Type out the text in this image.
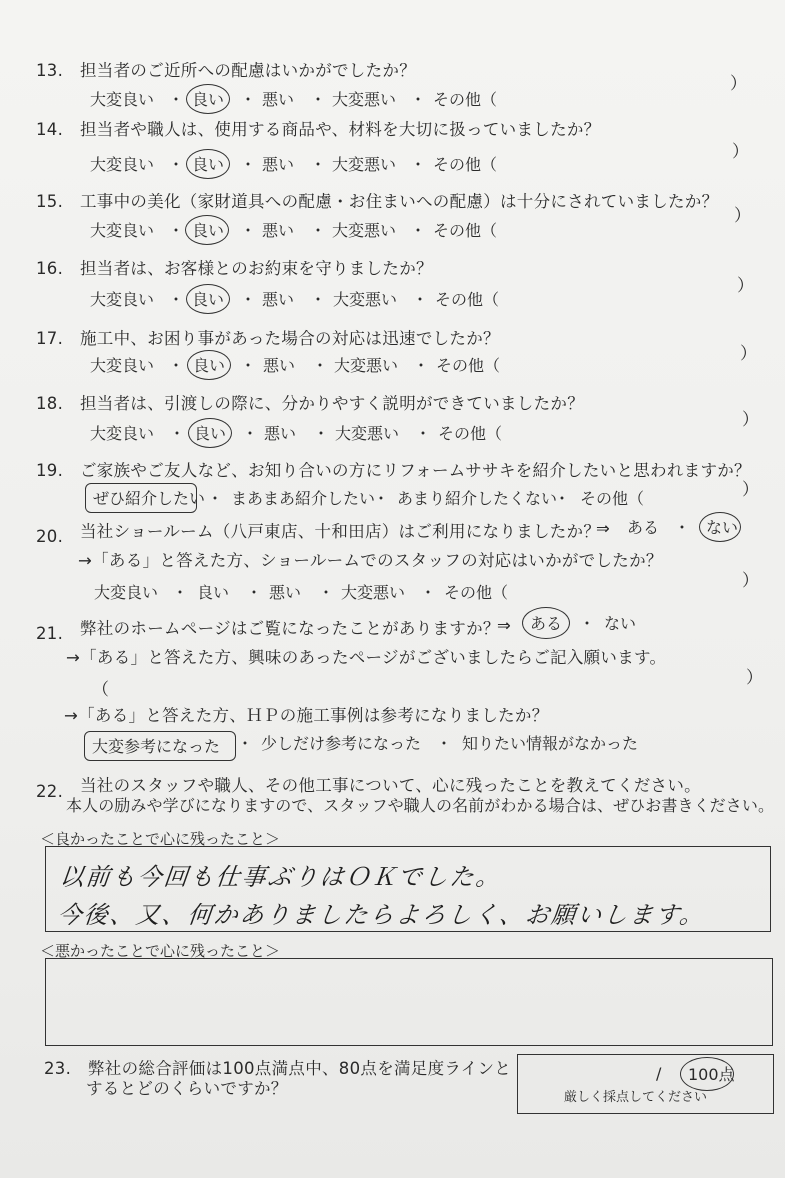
13. 担当者のご近所への配慮はいかがでしたか？
大変良い ・ 良い ・ 悪い ・ 大変悪い ・ その他（
）
14. 担当者や職人は、使用する商品や、材料を大切に扱っていましたか？
大変良い ・ 良い ・ 悪い ・ 大変悪い ・ その他（
）
15. 工事中の美化（家財道具への配慮・お住まいへの配慮）は十分にされていましたか？
大変良い ・ 良い ・ 悪い ・ 大変悪い ・ その他（
）
16. 担当者は、お客様とのお約束を守りましたか？
大変良い ・ 良い ・ 悪い ・ 大変悪い ・ その他（
）
17. 施工中、お困り事があった場合の対応は迅速でしたか？
大変良い ・ 良い ・ 悪い ・ 大変悪い ・ その他（
）
18. 担当者は、引渡しの際に、分かりやすく説明ができていましたか？
大変良い ・ 良い ・ 悪い ・ 大変悪い ・ その他（
）
19. ご家族やご友人など、お知り合いの方にリフォームササキを紹介したいと思われますか？
ぜひ紹介したい ・ まあまあ紹介したい
・ あまり紹介したくない
・ その他（	）
20. 当社ショールーム（八戸東店、十和田店）はご利用になりましたか？
⇒ ある ・ ない
→「ある」と答えた方、ショールームでのスタッフの対応はいかがでしたか？
大変良い ・ 良い ・ 悪い ・ 大変悪い ・ その他（
）
21. 弊社のホームページはご覧になったことがありますか？
⇒ ある ・ ない
→「ある」と答えた方、興味のあったページがございましたらご記入願います。
（
）
→「ある」と答えた方、ＨＰの施工事例は参考になりましたか？
大変参考になった ・ 少しだけ参考になった ・ 知りたい情報がなかった
22. 当社のスタッフや職人、その他工事について、心に残ったことを教えてください。
本人の励みや学びになりますので、スタッフや職人の名前がわかる場合は、ぜひお書きください。
＜良かったことで心に残ったこと＞
以前も今回も仕事ぶりはＯＫでした。
今後、又、何かありましたらよろしく、お願いします。
＜悪かったことで心に残ったこと＞
23. 弊社の総合評価は100点満点中、80点を満足度ラインと
するとどのくらいですか？
/ 100点
厳しく採点してください
